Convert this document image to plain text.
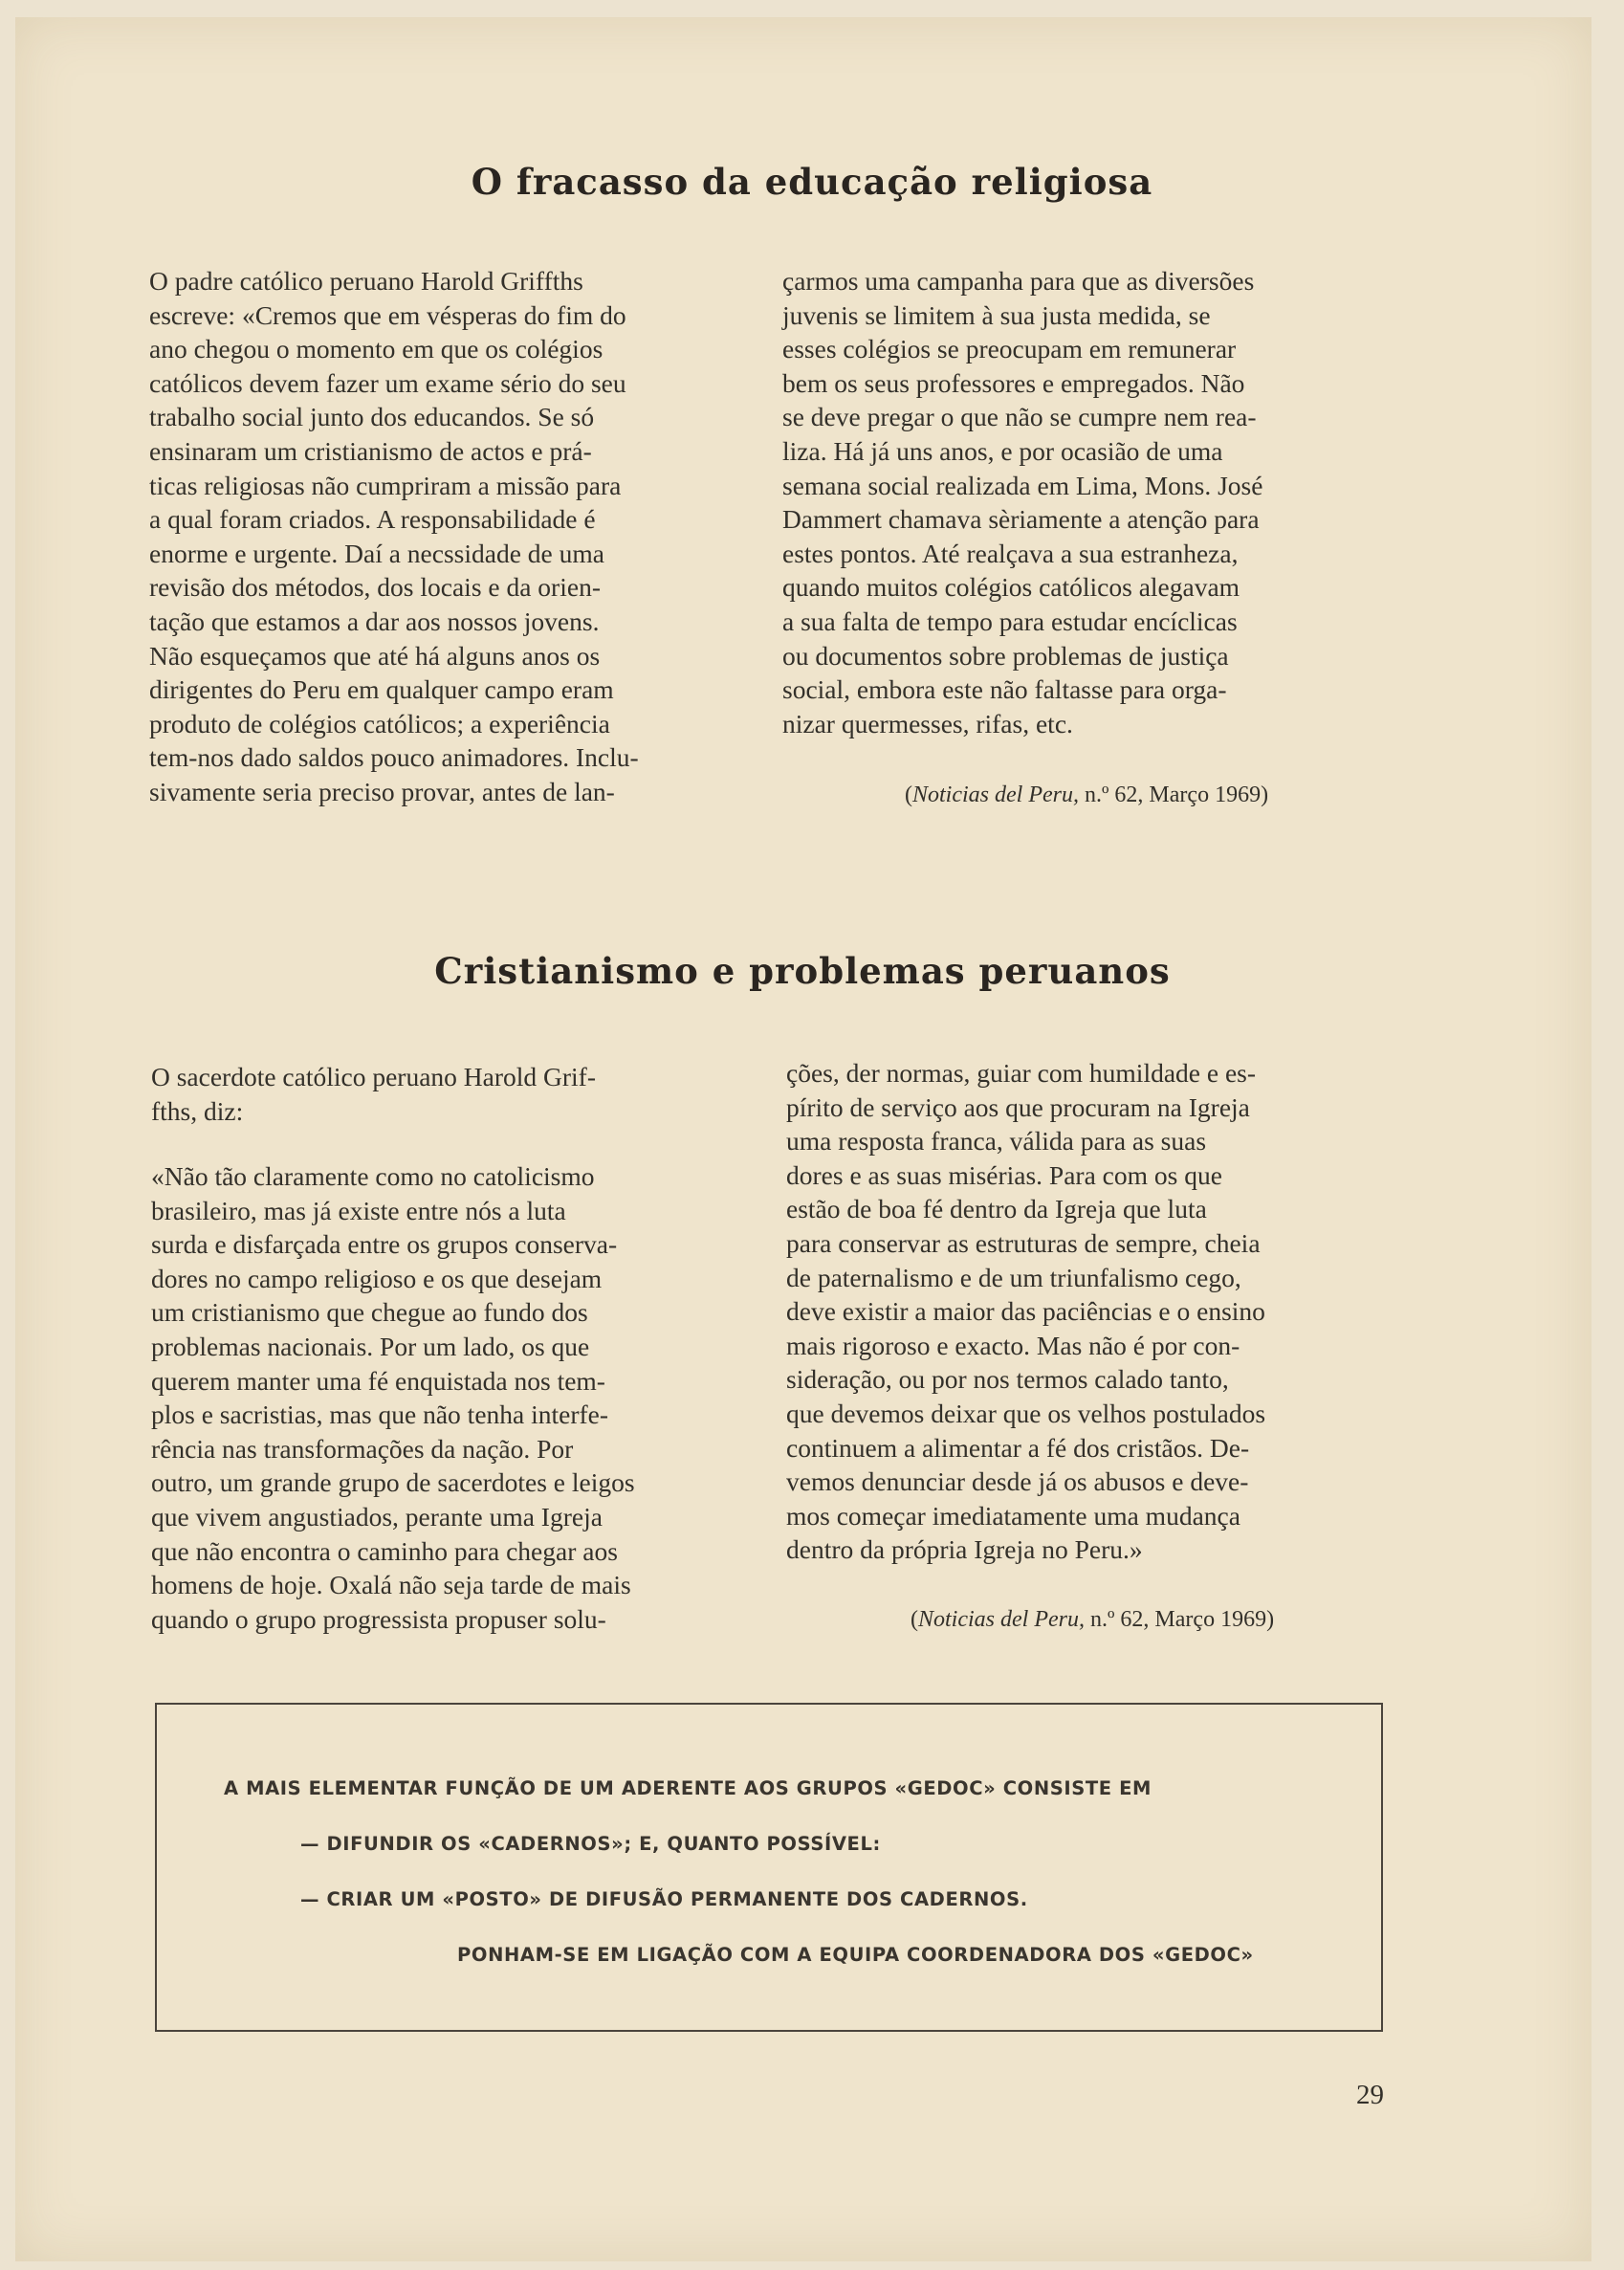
O fracasso da educação religiosa
O padre católico peruano Harold Griffths
escreve: «Cremos que em vésperas do fim do
ano chegou o momento em que os colégios
católicos devem fazer um exame sério do seu
trabalho social junto dos educandos. Se só
ensinaram um cristianismo de actos e prá-
ticas religiosas não cumpriram a missão para
a qual foram criados. A responsabilidade é
enorme e urgente. Daí a necssidade de uma
revisão dos métodos, dos locais e da orien-
tação que estamos a dar aos nossos jovens.
Não esqueçamos que até há alguns anos os
dirigentes do Peru em qualquer campo eram
produto de colégios católicos; a experiência
tem-nos dado saldos pouco animadores. Inclu-
sivamente seria preciso provar, antes de lan-
çarmos uma campanha para que as diversões
juvenis se limitem à sua justa medida, se
esses colégios se preocupam em remunerar
bem os seus professores e empregados. Não
se deve pregar o que não se cumpre nem rea-
liza. Há já uns anos, e por ocasião de uma
semana social realizada em Lima, Mons. José
Dammert chamava sèriamente a atenção para
estes pontos. Até realçava a sua estranheza,
quando muitos colégios católicos alegavam
a sua falta de tempo para estudar encíclicas
ou documentos sobre problemas de justiça
social, embora este não faltasse para orga-
nizar quermesses, rifas, etc.
(Noticias del Peru, n.º 62, Março 1969)
Cristianismo e problemas peruanos
O sacerdote católico peruano Harold Grif-
fths, diz:
«Não tão claramente como no catolicismo
brasileiro, mas já existe entre nós a luta
surda e disfarçada entre os grupos conserva-
dores no campo religioso e os que desejam
um cristianismo que chegue ao fundo dos
problemas nacionais. Por um lado, os que
querem manter uma fé enquistada nos tem-
plos e sacristias, mas que não tenha interfe-
rência nas transformações da nação. Por
outro, um grande grupo de sacerdotes e leigos
que vivem angustiados, perante uma Igreja
que não encontra o caminho para chegar aos
homens de hoje. Oxalá não seja tarde de mais
quando o grupo progressista propuser solu-
ções, der normas, guiar com humildade e es-
pírito de serviço aos que procuram na Igreja
uma resposta franca, válida para as suas
dores e as suas misérias. Para com os que
estão de boa fé dentro da Igreja que luta
para conservar as estruturas de sempre, cheia
de paternalismo e de um triunfalismo cego,
deve existir a maior das paciências e o ensino
mais rigoroso e exacto. Mas não é por con-
sideração, ou por nos termos calado tanto,
que devemos deixar que os velhos postulados
continuem a alimentar a fé dos cristãos. De-
vemos denunciar desde já os abusos e deve-
mos começar imediatamente uma mudança
dentro da própria Igreja no Peru.»
(Noticias del Peru, n.º 62, Março 1969)
A MAIS ELEMENTAR FUNÇÃO DE UM ADERENTE AOS GRUPOS «GEDOC» CONSISTE EM
— DIFUNDIR OS «CADERNOS»; E, QUANTO POSSÍVEL:
— CRIAR UM «POSTO» DE DIFUSÃO PERMANENTE DOS CADERNOS.
PONHAM-SE EM LIGAÇÃO COM A EQUIPA COORDENADORA DOS «GEDOC»
29
